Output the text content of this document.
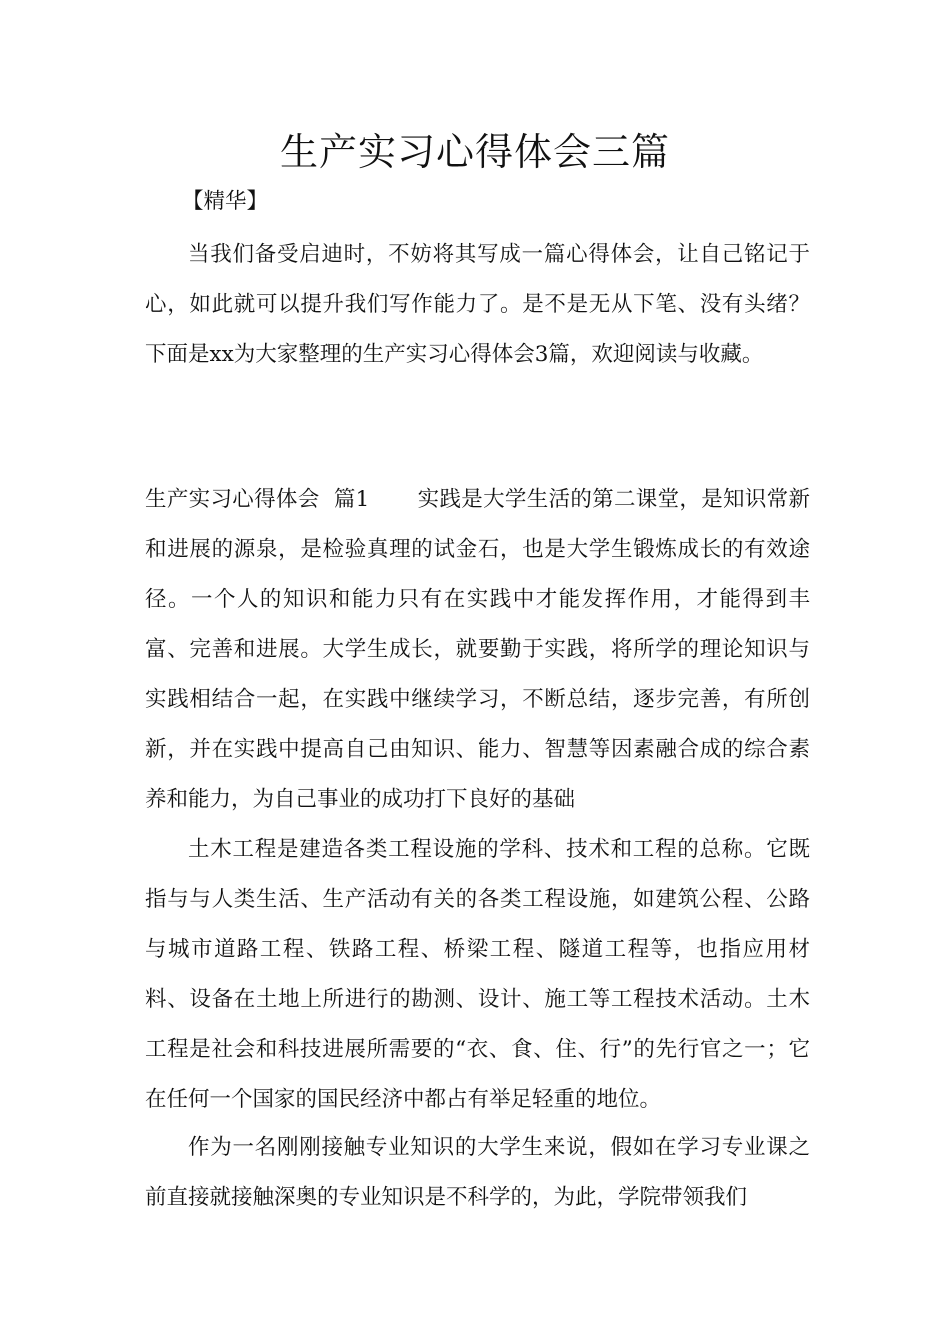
生产实习心得体会三篇

【精华】

当我们备受启迪时，不妨将其写成一篇心得体会，让自己铭记于心，如此就可以提升我们写作能力了。是不是无从下笔、没有头绪？下面是xx为大家整理的生产实习心得体会3篇，欢迎阅读与收藏。

生产实习心得体会  篇1 实践是大学生活的第二课堂，是知识常新和进展的源泉，是检验真理的试金石，也是大学生锻炼成长的有效途径。一个人的知识和能力只有在实践中才能发挥作用，才能得到丰富、完善和进展。大学生成长，就要勤于实践，将所学的理论知识与实践相结合一起，在实践中继续学习，不断总结，逐步完善，有所创新，并在实践中提高自己由知识、能力、智慧等因素融合成的综合素养和能力，为自己事业的成功打下良好的基础

土木工程是建造各类工程设施的学科、技术和工程的总称。它既指与与人类生活、生产活动有关的各类工程设施，如建筑公程、公路与城市道路工程、铁路工程、桥梁工程、隧道工程等，也指应用材料、设备在土地上所进行的勘测、设计、施工等工程技术活动。土木工程是社会和科技进展所需要的“衣、食、住、行”的先行官之一；它在任何一个国家的国民经济中都占有举足轻重的地位。

作为一名刚刚接触专业知识的大学生来说，假如在学习专业课之前直接就接触深奥的专业知识是不科学的，为此，学院带领我们
